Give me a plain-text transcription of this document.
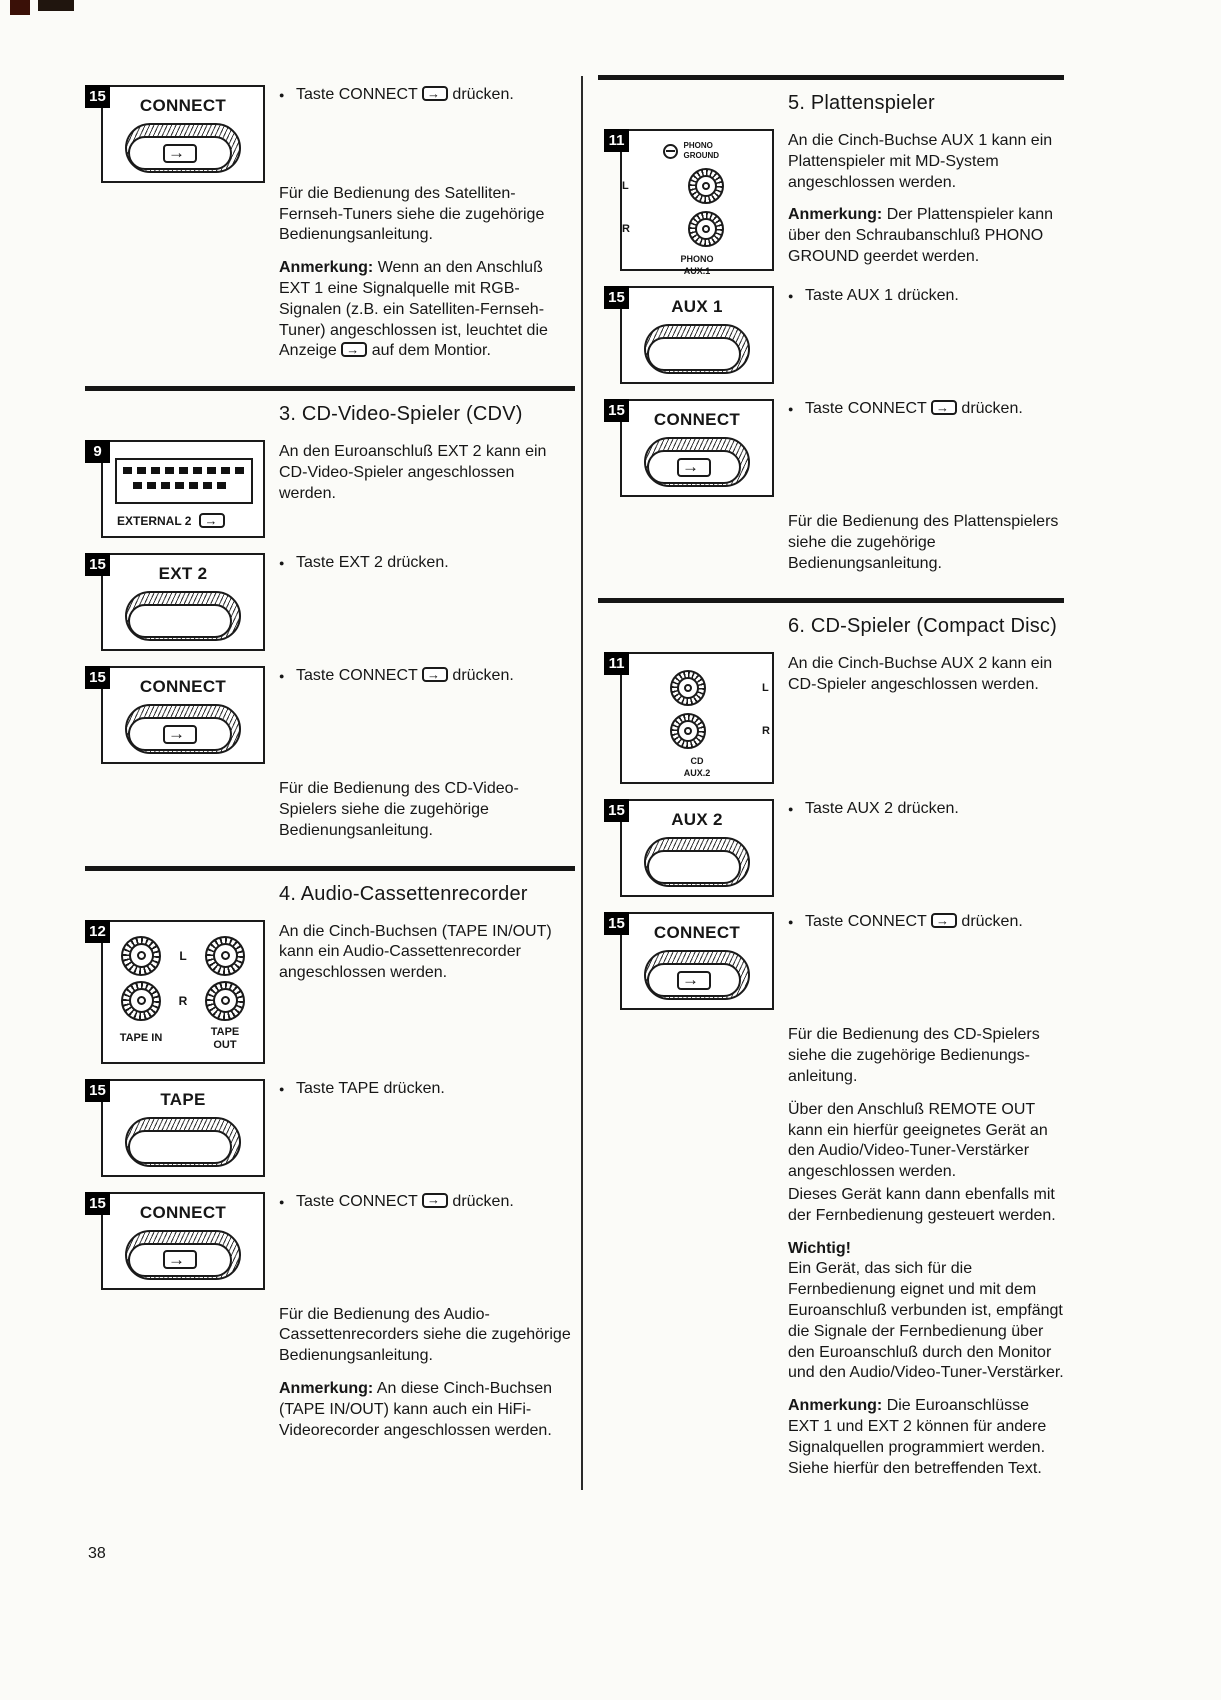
15	CONNECT
→
● Taste CONNECT → drücken.

Für die Bedienung des Satelliten-Fernseh-Tuners siehe die zugehörige Bedienungsanleitung.

Anmerkung: Wenn an den Anschluß EXT 1 eine Signalquelle mit RGB-Signalen (z.B. ein Satelliten-Fernseh-Tuner) angeschlossen ist, leuchtet die Anzeige → auf dem Montior.

3. CD-Video-Spieler (CDV)
9
EXTERNAL 2 →

An den Euroanschluß EXT 2 kann ein CD-Video-Spieler angeschlossen werden.

15	EXT 2
● Taste EXT 2 drücken.
15	CONNECT
→
● Taste CONNECT → drücken.

Für die Bedienung des CD-Video-Spielers siehe die zugehörige Bedienungsanleitung.

4. Audio-Cassettenrecorder
12
L
R
TAPE IN
TAPE OUT

An die Cinch-Buchsen (TAPE IN/OUT) kann ein Audio-Cassettenrecorder angeschlossen werden.

15	TAPE
● Taste TAPE drücken.
15	CONNECT
→
● Taste CONNECT → drücken.

Für die Bedienung des Audio-Cassettenrecorders siehe die zugehörige Bedienungsanleitung.

Anmerkung: An diese Cinch-Buchsen (TAPE IN/OUT) kann auch ein HiFi-Videorecorder angeschlossen werden.

5. Plattenspieler
11	PHONO GROUND
L
R
PHONO AUX.1

An die Cinch-Buchse AUX 1 kann ein Plattenspieler mit MD-System angeschlossen werden.

Anmerkung: Der Plattenspieler kann über den Schraubanschluß PHONO GROUND geerdet werden.

15	AUX 1
● Taste AUX 1 drücken.
15	CONNECT
→
● Taste CONNECT → drücken.

Für die Bedienung des Plattenspielers siehe die zugehörige Bedienungsanleitung.

6. CD-Spieler (Compact Disc)
11
L
R
CD AUX.2

An die Cinch-Buchse AUX 2 kann ein CD-Spieler angeschlossen werden.

15	AUX 2
● Taste AUX 2 drücken.
15	CONNECT
→
● Taste CONNECT → drücken.

Für die Bedienung des CD-Spielers siehe die zugehörige Bedienungs-anleitung.

Über den Anschluß REMOTE OUT kann ein hierfür geeignetes Gerät an den Audio/Video-Tuner-Verstärker angeschlossen werden.

Dieses Gerät kann dann ebenfalls mit der Fernbedienung gesteuert werden.

Wichtig!
Ein Gerät, das sich für die Fernbedienung eignet und mit dem Euroanschluß verbunden ist, empfängt die Signale der Fernbedienung über den Euroanschluß durch den Monitor und den Audio/Video-Tuner-Verstärker.

Anmerkung: Die Euroanschlüsse EXT 1 und EXT 2 können für andere Signalquellen programmiert werden. Siehe hierfür den betreffenden Text.

38
